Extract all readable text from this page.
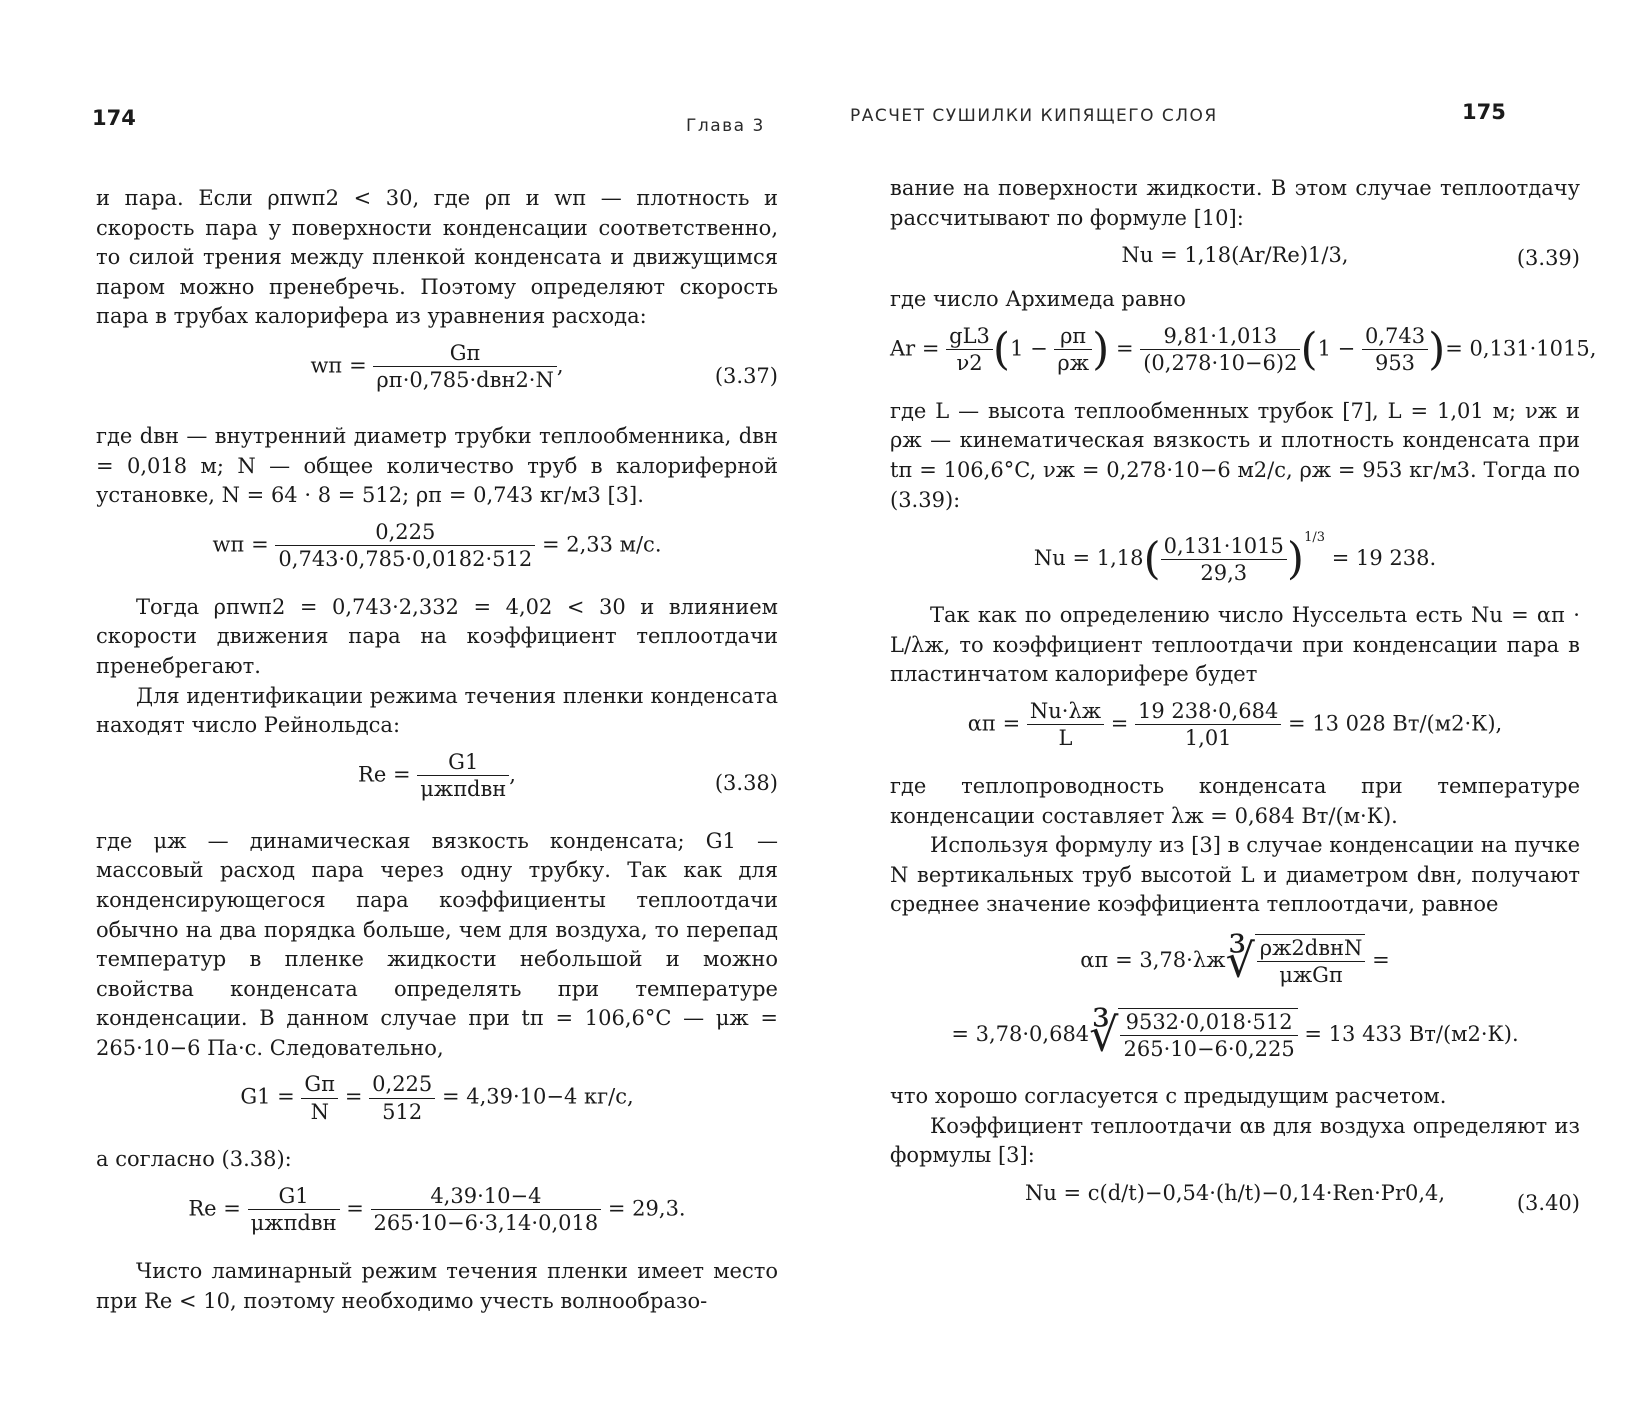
174	Глава 3

и пара. Если ρпwп2 < 30, где ρп и wп — плотность и скорость пара у поверхности конденсации соответственно, то силой трения между пленкой конденсата и движущимся паром можно пренебречь. Поэтому определяют скорость пара в трубах калорифера из уравнения расхода:

wп = $\frac{Gп}{\text{ρп·0,785·dвн2·N}}$ ,	(3.37)

где dвн — внутренний диаметр трубки теплообменника, dвн = 0,018 м; N — общее количество труб в калориферной установке, N = 64 · 8 = 512; ρп = 0,743 кг/м3 [3].

wп = $\frac{0,225}{0,743\cdot 0,785\cdot 0,0182\cdot 512} = 2,33$ м/с.

Тогда ρпwп2 = 0,743·2,332 = 4,02 < 30 и влиянием скорости движения пара на коэффициент теплоотдачи пренебрегают.

Для идентификации режима течения пленки конденсата находят число Рейнольдса:

$Re = \frac{G1}{\text{μжπdвн}}$ ,	(3.38)

где μж — динамическая вязкость конденсата; G1 — массовый расход пара через одну трубку. Так как для конденсирующегося пара коэффициенты теплоотдачи обычно на два порядка больше, чем для воздуха, то перепад температур в пленке жидкости небольшой и можно свойства конденсата определять при температуре конденсации. В данном случае при tп = 106,6°C — μж = 265·10−6 Па·с. Следовательно,

$G1 = \frac{Gп}{N} = \frac{0,225}{512} = 4,39\cdot 10-4$ кг/с,

а согласно (3.38):

$Re = \frac{G1}{\text{μжπdвн}} = \frac{4,39\cdot 10-4}{265\cdot 10-6\cdot 3,14\cdot 0,018} = 29,3$.

Чисто ламинарный режим течения пленки имеет место при Re < 10, поэтому необходимо учесть волнообразо-

РАСЧЕТ СУШИЛКИ КИПЯЩЕГО СЛОЯ	175

вание на поверхности жидкости. В этом случае теплоотдачу рассчитывают по формуле [10]:

Nu = 1,18(Ar/Re)1/3,	(3.39)

где число Архимеда равно

$Ar = \frac{gL3}{\nu 2} (1 - \frac{\rho п}{\rho ж}$ ) = $\frac{9,81\cdot 1,013}{(0,278\cdot 10-6)2} (1 - \frac{0,743}{953}$ )= 0,131·1015,

где L — высота теплообменных трубок [7], L = 1,01 м; νж и ρж — кинематическая вязкость и плотность конденсата при tп = 106,6°C, νж = 0,278·10−6 м2/с, ρж = 953 кг/м3. Тогда по (3.39):

$Nu = 1,18( \frac{0,131\cdot 1015}{29,3} )^{1/3} = 19$ 238.

Так как по определению число Нуссельта есть Nu = αп · L/λж, то коэффициент теплоотдачи при конденсации пара в пластинчатом калорифере будет

$\alpha п = \frac{Nu\cdot\lambda ж}{L} = \frac{19 238\cdot 0,684}{1,01} = 13$ 028 Вт/(м2·К),

где теплопроводность конденсата при температуре конденсации составляет λж = 0,684 Вт/(м·К).

Используя формулу из [3] в случае конденсации на пучке N вертикальных труб высотой L и диаметром dвн, получают среднее значение коэффициента теплоотдачи, равное

αп = 3,78·λж∛ $\frac{\text{ρж2dвнN}}{\text{μжGп}}$ =
= 3,78·0,684∛ $\frac{9532\cdot 0,018\cdot 512}{265\cdot 10-6\cdot 0,225} = 13$ 433 Вт/(м2·К).

что хорошо согласуется с предыдущим расчетом.

Коэффициент теплоотдачи αв для воздуха определяют из формулы [3]:

Nu = c(d/t)−0,54·(h/t)−0,14·Ren·Pr0,4,	(3.40)
